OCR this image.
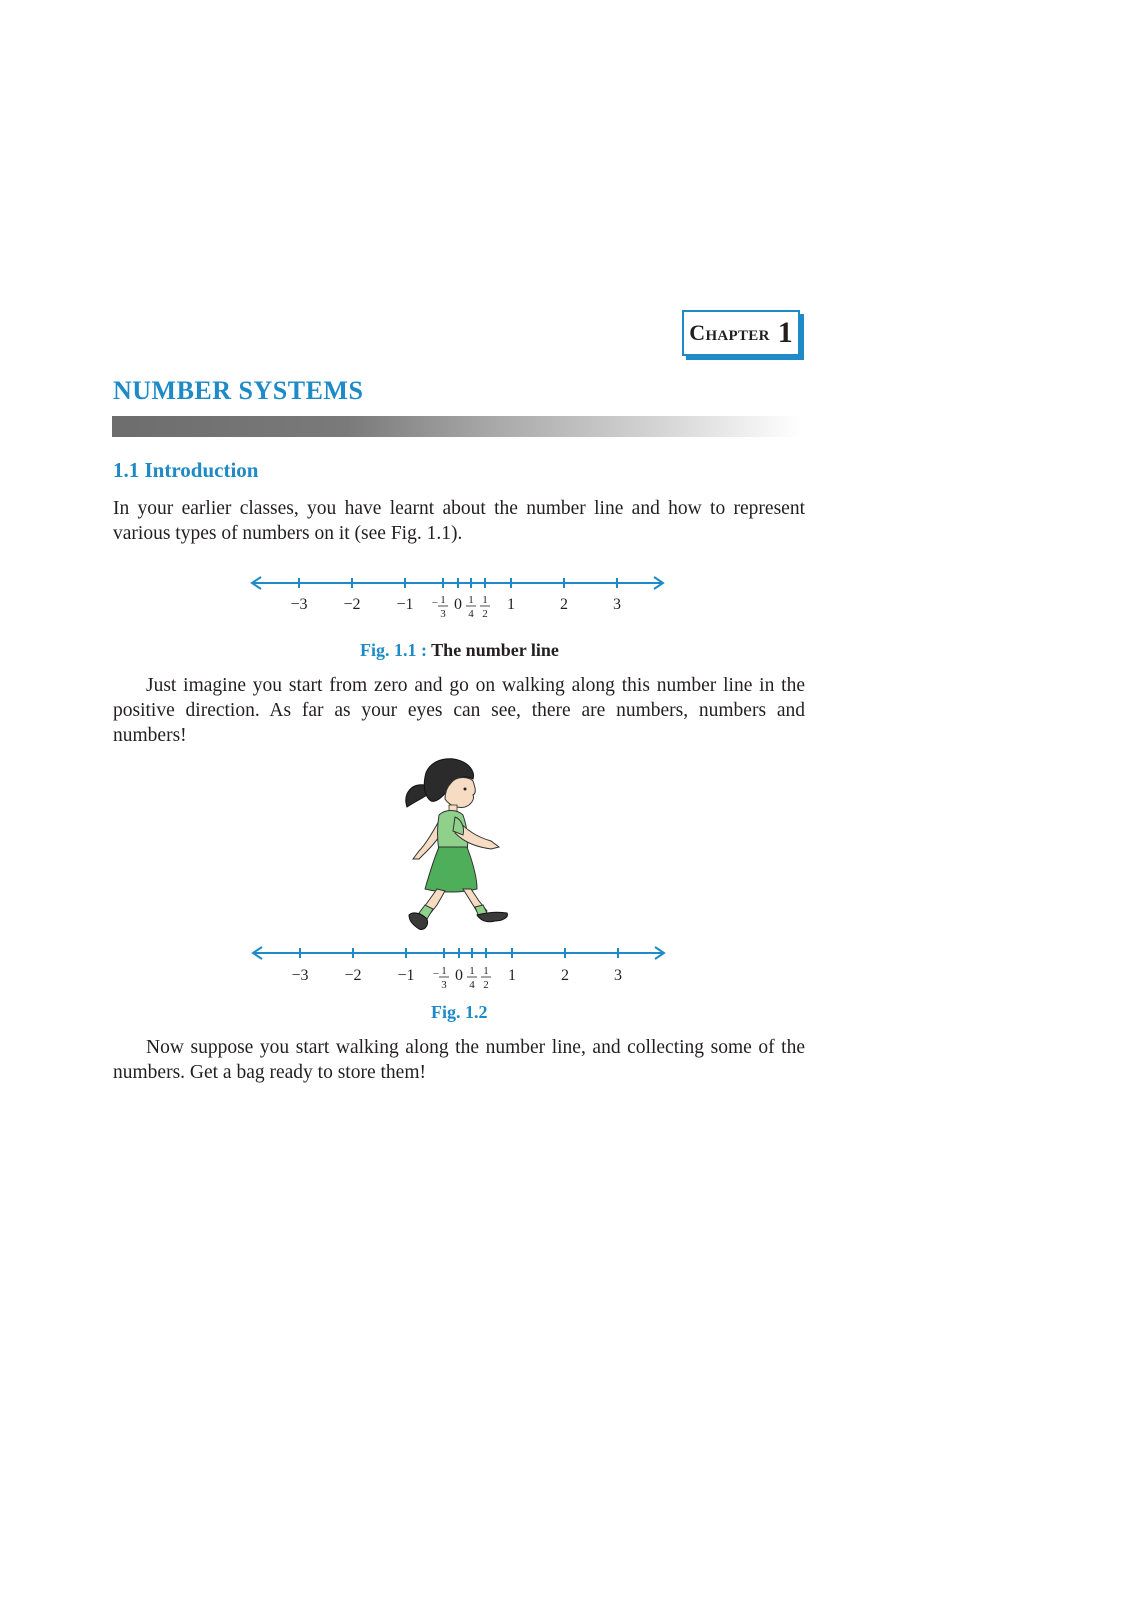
Chapter 1
NUMBER SYSTEMS
1.1 Introduction

In your earlier classes, you have learnt about the number line and how to represent various types of numbers on it (see Fig. 1.1).

−3 −2 −1 − 1
3
0 1
4
1
2
1	2	3
Fig. 1.1 : The number line

Just imagine you start from zero and go on walking along this number line in the positive direction. As far as your eyes can see, there are numbers, numbers and numbers!

−3 −2 −1 − 1
3
0 1
4
1
2
1	2	3
Fig. 1.2

Now suppose you start walking along the number line, and collecting some of the numbers. Get a bag ready to store them!
